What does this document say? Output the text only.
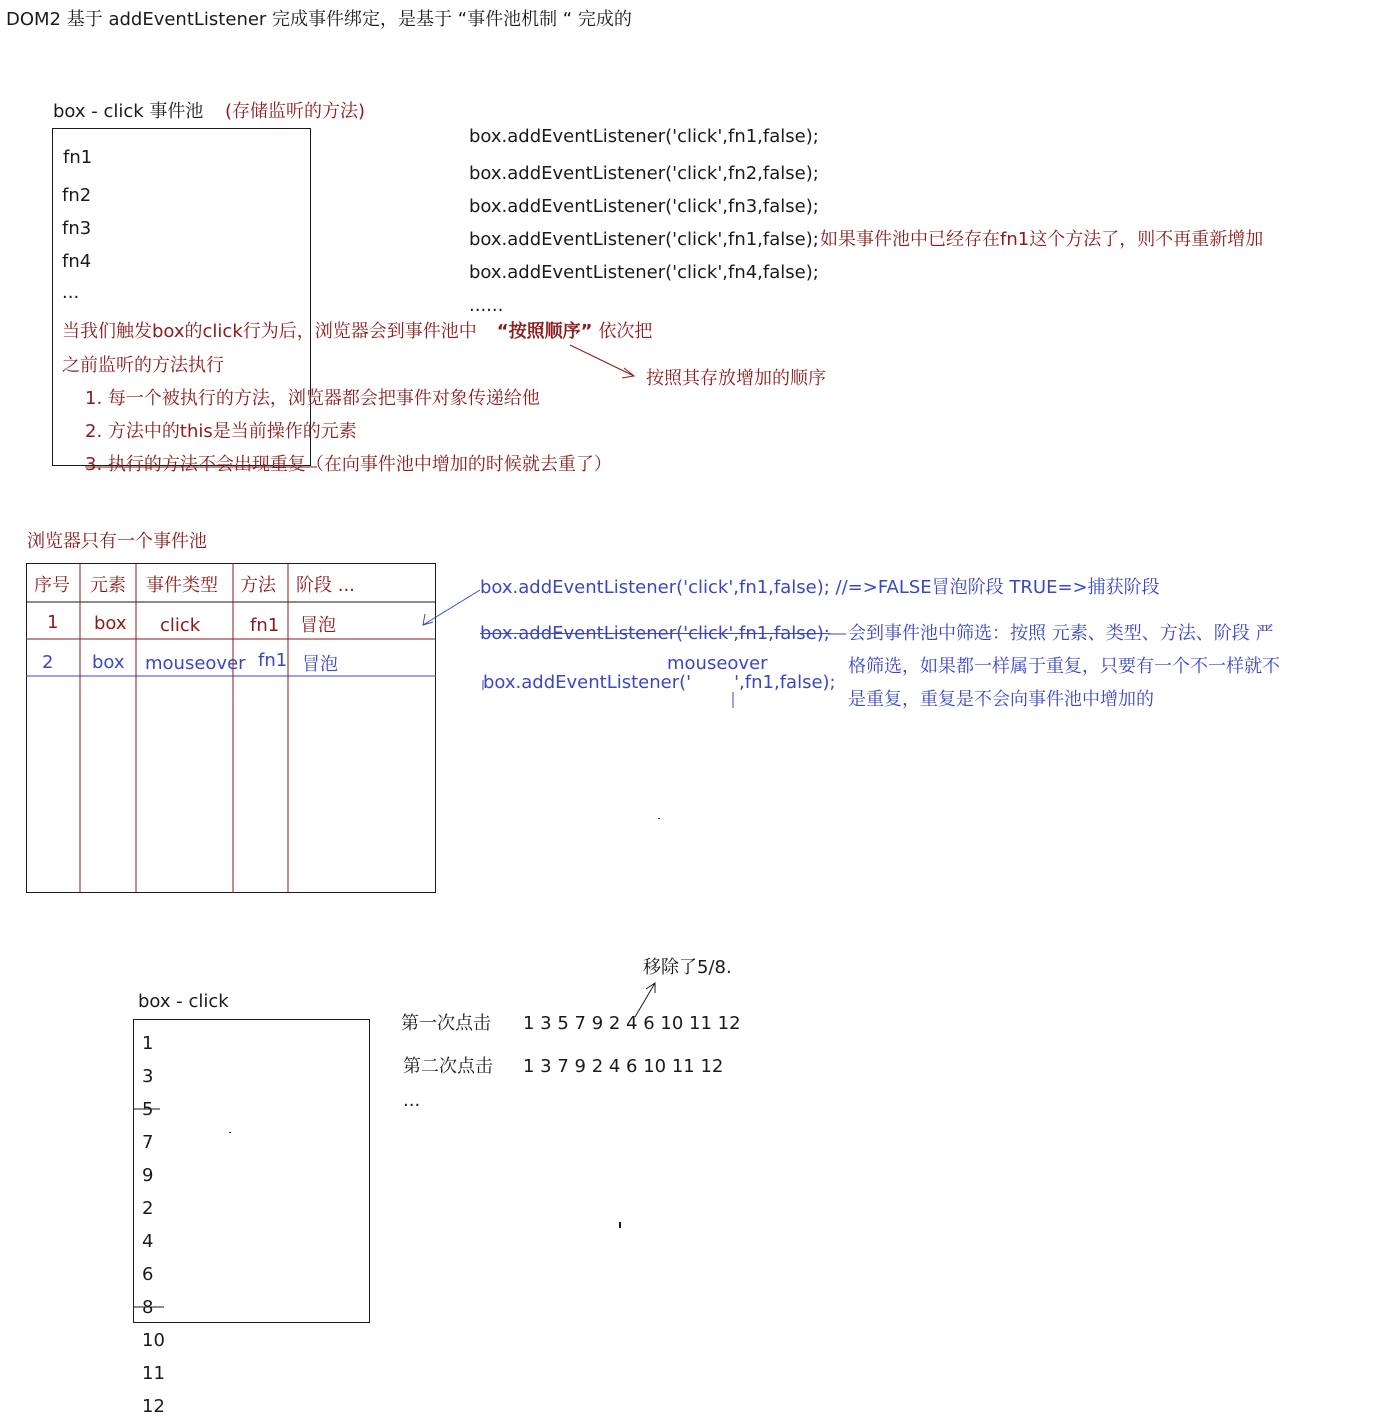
DOM2 基于 addEventListener 完成事件绑定，是基于 “事件池机制 “ 完成的
box - click 事件池 (存储监听的方法)
fn1
fn2
fn3
fn4
...
box.addEventListener('click',fn1,false);
box.addEventListener('click',fn2,false);
box.addEventListener('click',fn3,false);
box.addEventListener('click',fn1,false); 如果事件池中已经存在fn1这个方法了，则不再重新增加
box.addEventListener('click',fn4,false);
......
当我们触发box的click行为后，浏览器会到事件池中 “按照顺序” 依次把
之前监听的方法执行
1. 每一个被执行的方法，浏览器都会把事件对象传递给他
2. 方法中的this是当前操作的元素
3. 执行的方法不会出现重复（在向事件池中增加的时候就去重了）
按照其存放增加的顺序
浏览器只有一个事件池
序号 元素 事件类型 方法 阶段 ...
1 box click	fn1 冒泡
2 box mouseover fn1 冒泡
box.addEventListener('click',fn1,false); //=>FALSE冒泡阶段 TRUE=>捕获阶段
box.addEventListener('click',fn1,false);
mouseover
box.addEventListener(' ',fn1,false);
会到事件池中筛选：按照 元素、类型、方法、阶段 严
格筛选，如果都一样属于重复，只要有一个不一样就不
是重复，重复是不会向事件池中增加的
box - click
1
3
5
7
9
2
4
6
8
10
11
12
移除了5/8.
第一次点击 1 3 5 7 9 2 4 6 10 11 12
第二次点击 1 3 7 9 2 4 6 10 11 12
...
